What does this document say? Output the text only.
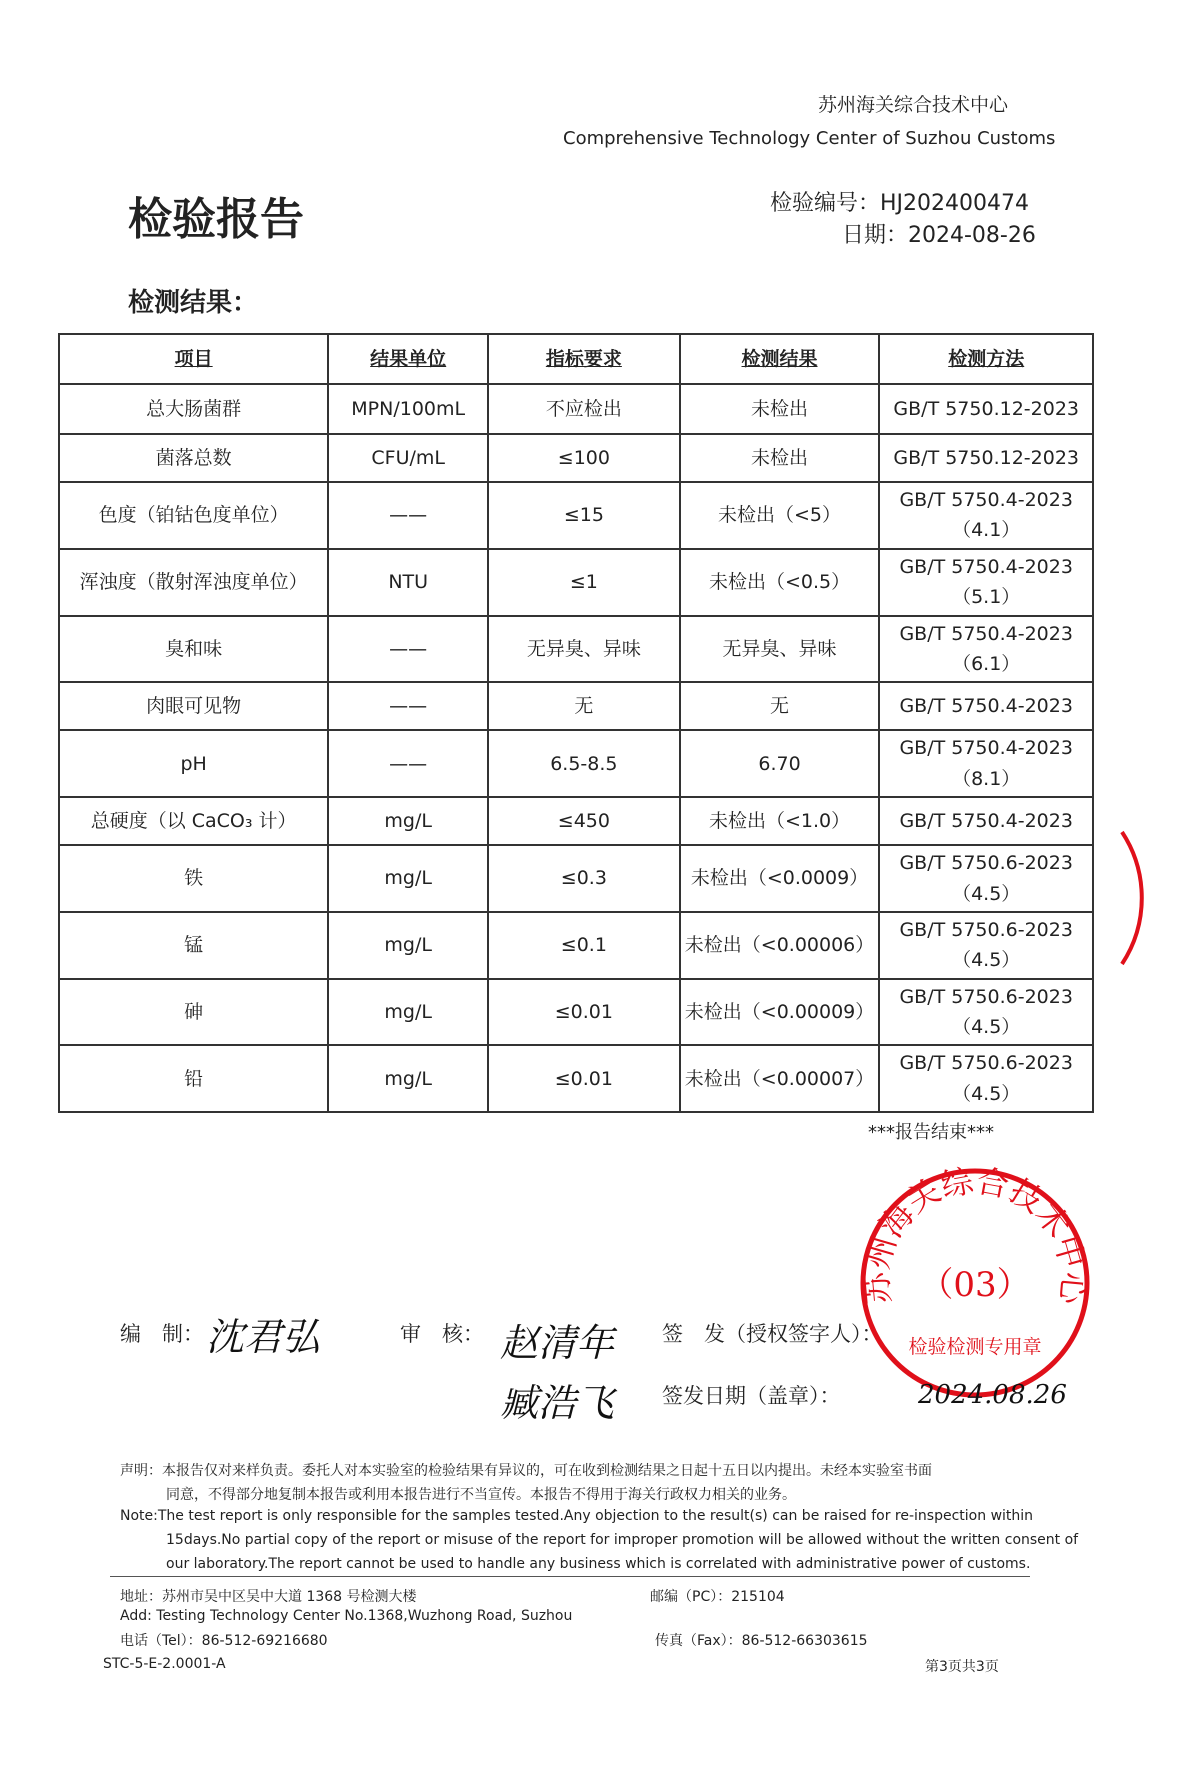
苏州海关综合技术中心
Comprehensive Technology Center of Suzhou Customs
检验报告	检验编号：HJ202400474
日期：2024-08-26
检测结果：
项目	结果单位	指标要求	检测结果	检测方法
总大肠菌群	MPN/100mL	不应检出	未检出	GB/T 5750.12-2023

菌落总数	CFU/mL	≤100	未检出	GB/T 5750.12-2023

色度（铂钴色度单位）	——	≤15	未检出（<5）	GB/T 5750.4-2023
（4.1）

浑浊度（散射浑浊度单位）	NTU	≤1	未检出（<0.5）	GB/T 5750.4-2023
（5.1）

臭和味	——	无异臭、异味	无异臭、异味	GB/T 5750.4-2023
（6.1）

肉眼可见物	——	无	无	GB/T 5750.4-2023

pH	——	6.5-8.5	6.70	GB/T 5750.4-2023
（8.1）

总硬度（以 CaCO₃ 计）	mg/L	≤450	未检出（<1.0）	GB/T 5750.4-2023

铁	mg/L	≤0.3	未检出（<0.0009）	GB/T 5750.6-2023
（4.5）

锰	mg/L	≤0.1	未检出（<0.00006）	GB/T 5750.6-2023
（4.5）

砷	mg/L	≤0.01	未检出（<0.00009）	GB/T 5750.6-2023
（4.5）

铅	mg/L	≤0.01	未检出（<0.00007）	GB/T 5750.6-2023
（4.5）
***报告结束***
苏州海关综合技术中心
（03）
检验检测专用章
编　制： 沈君弘	审　核： 赵清年
臧浩飞
签　发（授权签字人）：
签发日期（盖章）：	2024.08.26
声明：本报告仅对来样负责。委托人对本实验室的检验结果有异议的，可在收到检测结果之日起十五日以内提出。未经本实验室书面
同意，不得部分地复制本报告或利用本报告进行不当宣传。本报告不得用于海关行政权力相关的业务。
Note:The test report is only responsible for the samples tested.Any objection to the result(s) can be raised for re-inspection within
15days.No partial copy of the report or misuse of the report for improper promotion will be allowed without the written consent of
our laboratory.The report cannot be used to handle any business which is correlated with administrative power of customs.
地址：苏州市吴中区吴中大道 1368 号检测大楼	邮编（PC）：215104
Add: Testing Technology Center No.1368,Wuzhong Road, Suzhou
电话（Tel）：86-512-69216680	传真（Fax）：86-512-66303615
STC-5-E-2.0001-A	第3页共3页
